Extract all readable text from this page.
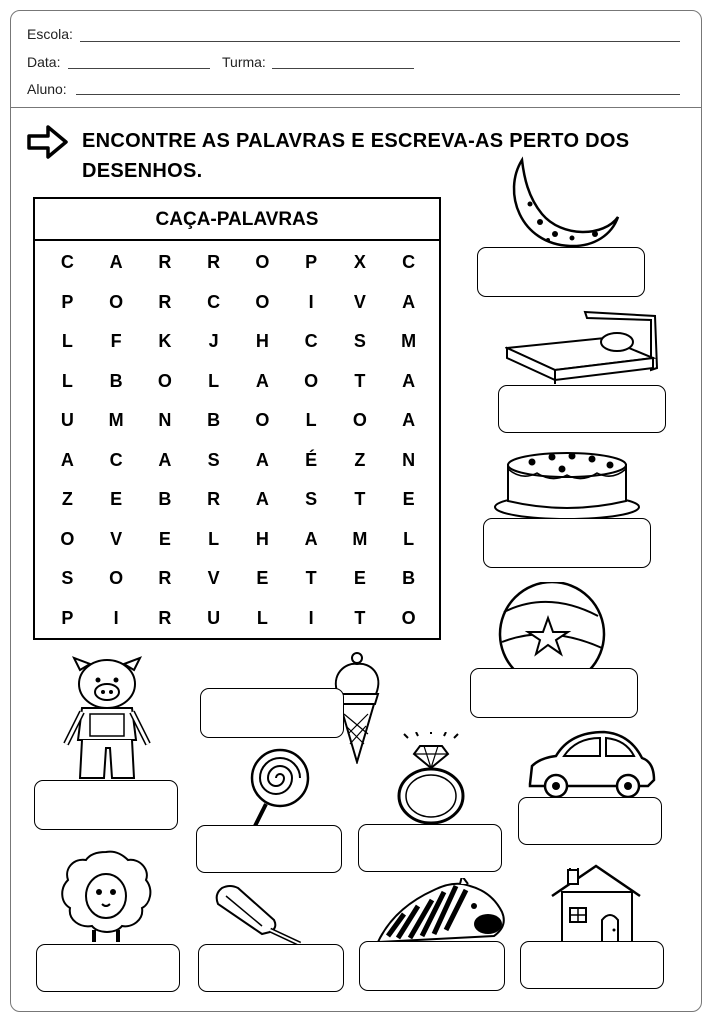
Escola:
Data:	Turma:
Aluno:
ENCONTRE AS PALAVRAS E ESCREVA-AS PERTO DOS DESENHOS.
CAÇA-PALAVRAS
C	A	R	R	O	P	X	C
P	O	R	C	O	I	V	A
L	F	K	J	H	C	S	M
L	B	O	L	A	O	T	A
U	M	N	B	O	L	O	A
A	C	A	S	A	É	Z	N
Z	E	B	R	A	S	T	E
O	V	E	L	H	A	M	L
S	O	R	V	E	T	E	B
P	I	R	U	L	I	T	O
